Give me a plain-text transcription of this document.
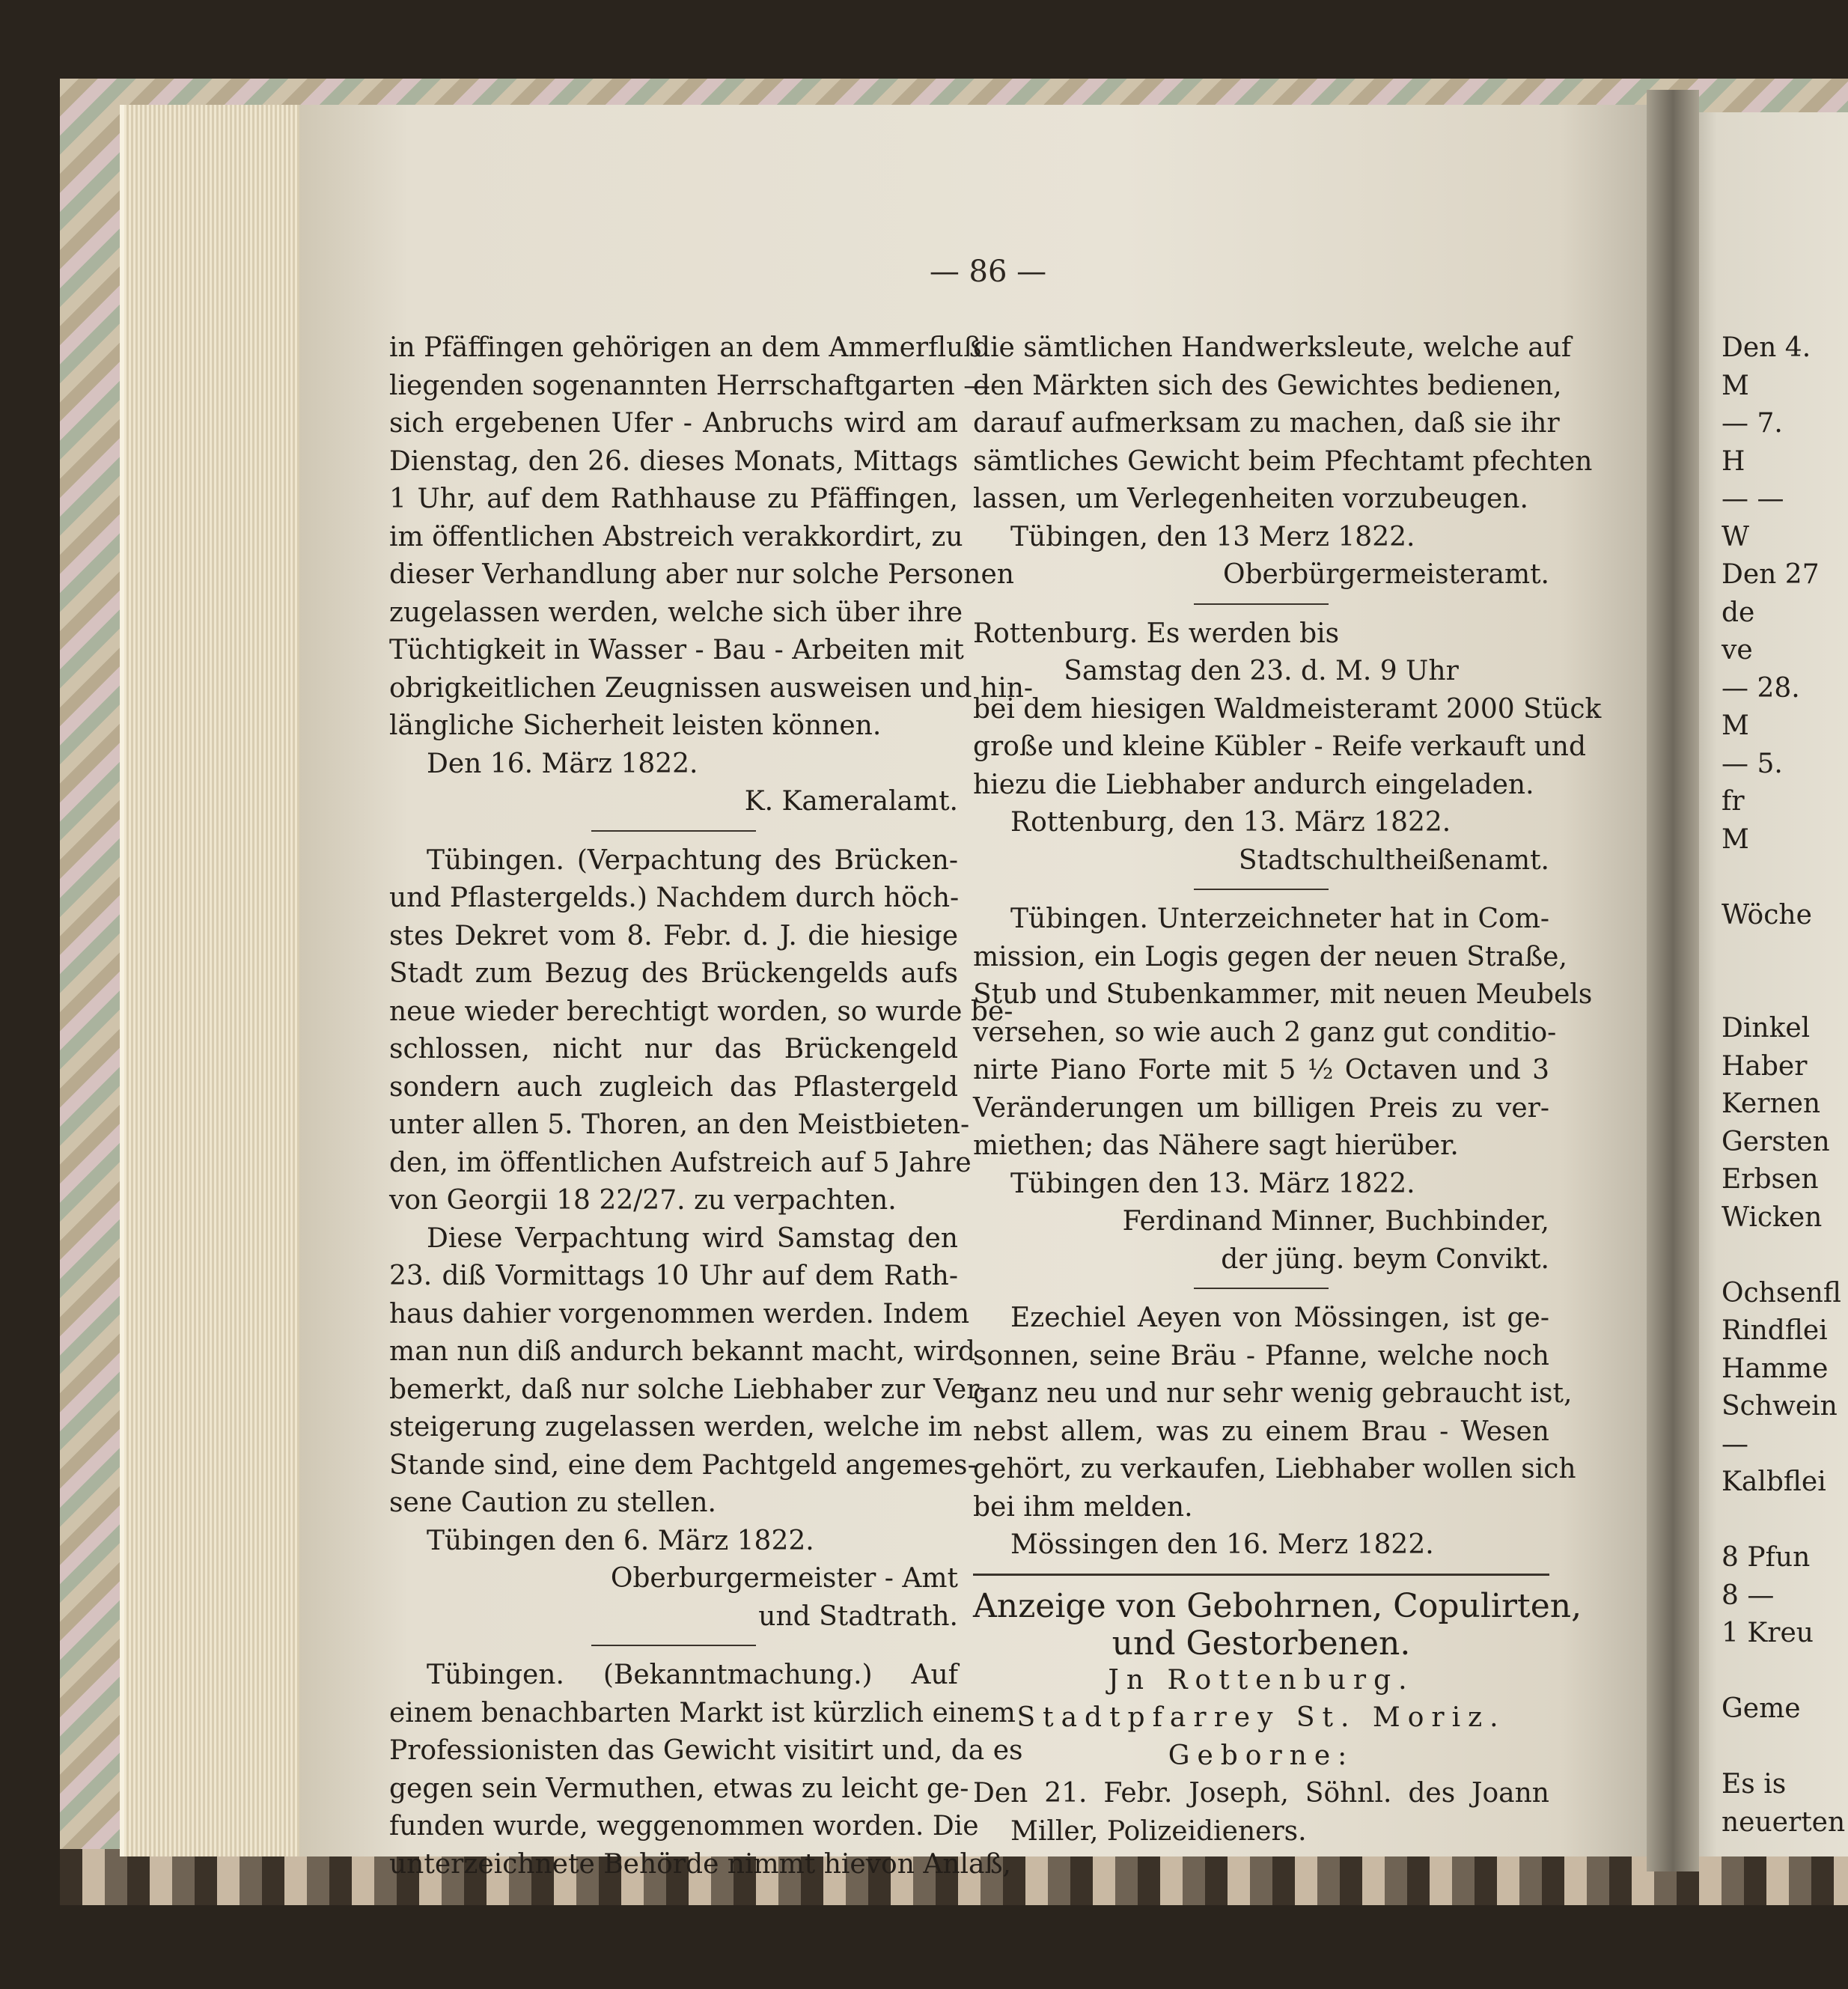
— 86 —

in Pfäffingen gehörigen an dem Ammerfluß

liegenden sogenannten Herrschaftgarten —

sich ergebenen Ufer - Anbruchs wird am

Dienstag, den 26. dieses Monats, Mittags

1 Uhr, auf dem Rathhause zu Pfäffingen,

im öffentlichen Abstreich verakkordirt, zu

dieser Verhandlung aber nur solche Personen

zugelassen werden, welche sich über ihre

Tüchtigkeit in Wasser - Bau - Arbeiten mit

obrigkeitlichen Zeugnissen ausweisen und hin-

längliche Sicherheit leisten können.

Den 16. März 1822.

K. Kameralamt.

Tübingen. (Verpachtung des Brücken-

und Pflastergelds.) Nachdem durch höch-

stes Dekret vom 8. Febr. d. J. die hiesige

Stadt zum Bezug des Brückengelds aufs

neue wieder berechtigt worden, so wurde be-

schlossen, nicht nur das Brückengeld

sondern auch zugleich das Pflastergeld

unter allen 5. Thoren, an den Meistbieten-

den, im öffentlichen Aufstreich auf 5 Jahre

von Georgii 18 22/27. zu verpachten.

Diese Verpachtung wird Samstag den

23. diß Vormittags 10 Uhr auf dem Rath-

haus dahier vorgenommen werden. Indem

man nun diß andurch bekannt macht, wird

bemerkt, daß nur solche Liebhaber zur Ver-

steigerung zugelassen werden, welche im

Stande sind, eine dem Pachtgeld angemes-

sene Caution zu stellen.

Tübingen den 6. März 1822.

Oberburgermeister - Amt

und Stadtrath.

Tübingen. (Bekanntmachung.) Auf

einem benachbarten Markt ist kürzlich einem

Professionisten das Gewicht visitirt und, da es

gegen sein Vermuthen, etwas zu leicht ge-

funden wurde, weggenommen worden. Die

unterzeichnete Behörde nimmt hievon Anlaß,

die sämtlichen Handwerksleute, welche auf

den Märkten sich des Gewichtes bedienen,

darauf aufmerksam zu machen, daß sie ihr

sämtliches Gewicht beim Pfechtamt pfechten

lassen, um Verlegenheiten vorzubeugen.

Tübingen, den 13 Merz 1822.

Oberbürgermeisteramt.

Rottenburg. Es werden bis

Samstag den 23. d. M. 9 Uhr

bei dem hiesigen Waldmeisteramt 2000 Stück

große und kleine Kübler - Reife verkauft und

hiezu die Liebhaber andurch eingeladen.

Rottenburg, den 13. März 1822.

Stadtschultheißenamt.

Tübingen. Unterzeichneter hat in Com-

mission, ein Logis gegen der neuen Straße,

Stub und Stubenkammer, mit neuen Meubels

versehen, so wie auch 2 ganz gut conditio-

nirte Piano Forte mit 5 ½ Octaven und 3

Veränderungen um billigen Preis zu ver-

miethen; das Nähere sagt hierüber.

Tübingen den 13. März 1822.

Ferdinand Minner, Buchbinder,

der jüng. beym Convikt.

Ezechiel Aeyen von Mössingen, ist ge-

sonnen, seine Bräu - Pfanne, welche noch

ganz neu und nur sehr wenig gebraucht ist,

nebst allem, was zu einem Brau - Wesen

gehört, zu verkaufen, Liebhaber wollen sich

bei ihm melden.

Mössingen den 16. Merz 1822.

Anzeige von Gebohrnen, Copulirten,

und Gestorbenen.

Jn Rottenburg.

Stadtpfarrey St. Moriz.

Geborne:

Den 21. Febr. Joseph, Söhnl. des Joann

Miller, Polizeidieners.

Den 4.
M
— 7.
H
— —
W
Den 27
de
ve
— 28.
M
— 5.
fr
M
Wöche
Dinkel
Haber
Kernen
Gersten
Erbsen
Wicken
Ochsenfl
Rindflei
Hamme
Schwein
—
Kalbflei
8 Pfun
8 —
1 Kreu
Geme
Es is
neuerten
